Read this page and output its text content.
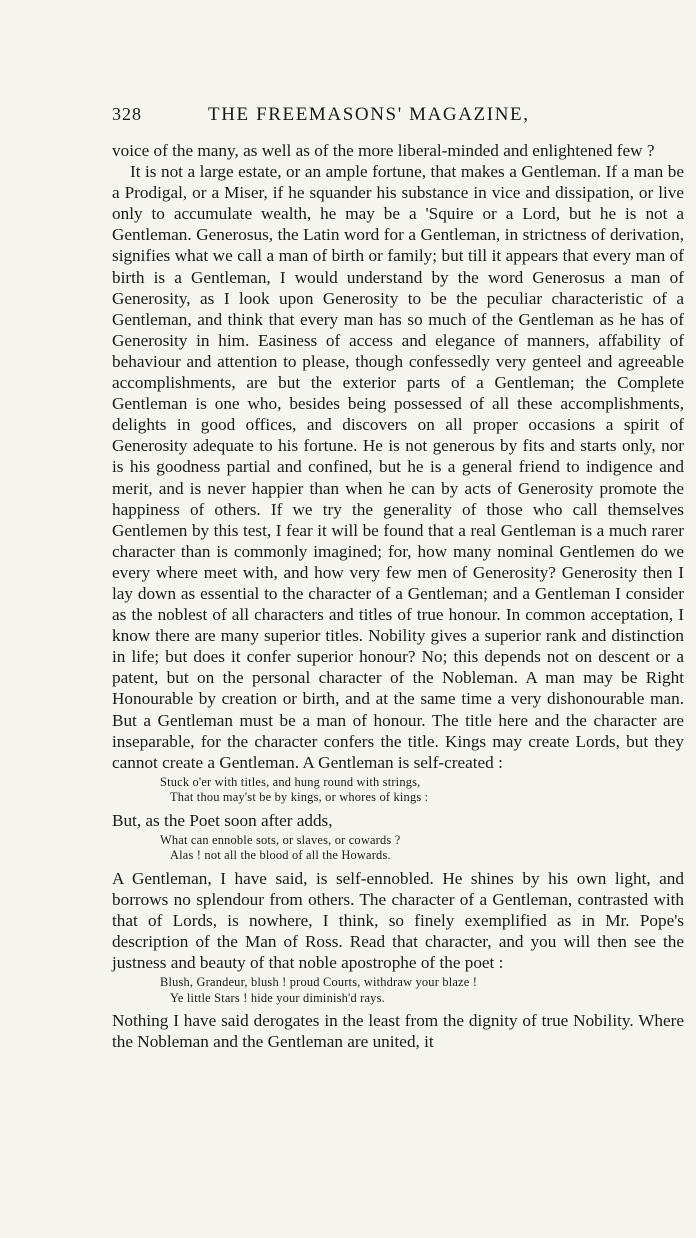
328	THE FREEMASONS' MAGAZINE,

voice of the many, as well as of the more liberal-minded and enlightened few ?

It is not a large estate, or an ample fortune, that makes a Gentleman. If a man be a Prodigal, or a Miser, if he squander his substance in vice and dissipation, or live only to accumulate wealth, he may be a 'Squire or a Lord, but he is not a Gentleman. Generosus, the Latin word for a Gentleman, in strictness of derivation, signifies what we call a man of birth or family; but till it appears that every man of birth is a Gentleman, I would understand by the word Generosus a man of Generosity, as I look upon Generosity to be the peculiar characteristic of a Gentleman, and think that every man has so much of the Gentleman as he has of Generosity in him. Easiness of access and elegance of manners, affability of behaviour and attention to please, though confessedly very genteel and agreeable accomplishments, are but the exterior parts of a Gentleman; the Complete Gentleman is one who, besides being possessed of all these accomplishments, delights in good offices, and discovers on all proper occasions a spirit of Generosity adequate to his fortune. He is not generous by fits and starts only, nor is his goodness partial and confined, but he is a general friend to indigence and merit, and is never happier than when he can by acts of Generosity promote the happiness of others. If we try the generality of those who call themselves Gentlemen by this test, I fear it will be found that a real Gentleman is a much rarer character than is commonly imagined; for, how many nominal Gentlemen do we every where meet with, and how very few men of Generosity? Generosity then I lay down as essential to the character of a Gentleman; and a Gentleman I consider as the noblest of all characters and titles of true honour. In common acceptation, I know there are many superior titles. Nobility gives a superior rank and distinction in life; but does it confer superior honour? No; this depends not on descent or a patent, but on the personal character of the Nobleman. A man may be Right Honourable by creation or birth, and at the same time a very dishonourable man. But a Gentleman must be a man of honour. The title here and the character are inseparable, for the character confers the title. Kings may create Lords, but they cannot create a Gentleman. A Gentleman is self-created :

Stuck o'er with titles, and hung round with strings,
That thou may'st be by kings, or whores of kings :

But, as the Poet soon after adds,

What can ennoble sots, or slaves, or cowards ?
Alas ! not all the blood of all the Howards.

A Gentleman, I have said, is self-ennobled. He shines by his own light, and borrows no splendour from others. The character of a Gentleman, contrasted with that of Lords, is nowhere, I think, so finely exemplified as in Mr. Pope's description of the Man of Ross. Read that character, and you will then see the justness and beauty of that noble apostrophe of the poet :

Blush, Grandeur, blush ! proud Courts, withdraw your blaze !
Ye little Stars ! hide your diminish'd rays.

Nothing I have said derogates in the least from the dignity of true Nobility. Where the Nobleman and the Gentleman are united, it
